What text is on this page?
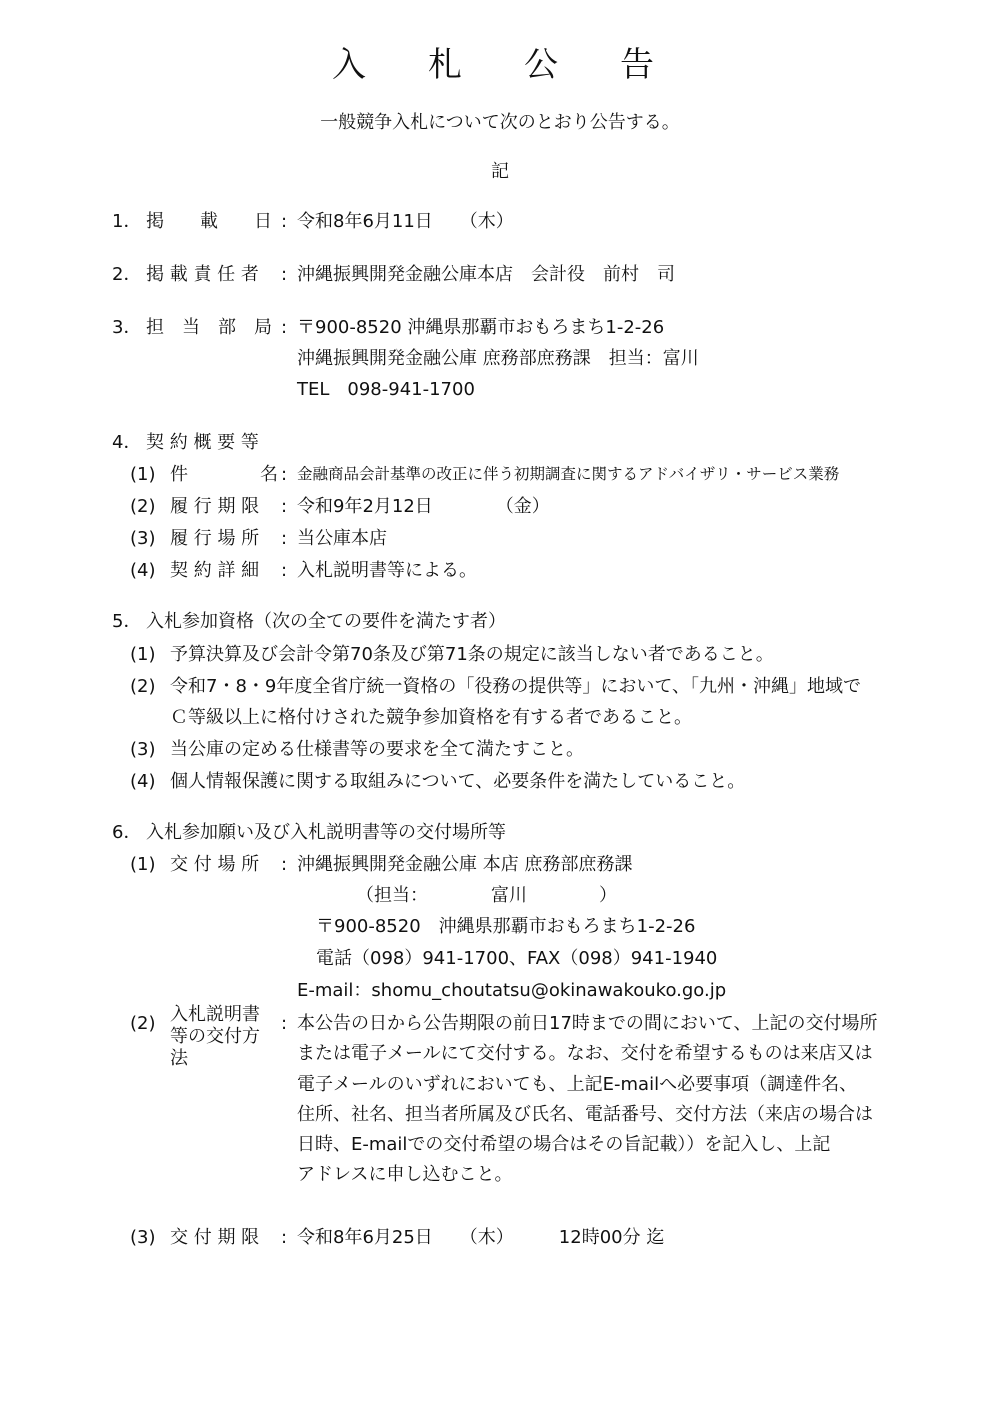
入　札　公　告
一般競争入札について次のとおり公告する。
記
1． 掲　　載　　日 : 令和8年6月11日　　（木）
2． 掲 載 責 任 者 : 沖縄振興開発金融公庫本店　会計役　前村　司
3． 担　当　部　局 : 〒900-8520 沖縄県那覇市おもろまち1-2-26
沖縄振興開発金融公庫 庶務部庶務課　担当：富川
TEL　098-941-1700
4． 契 約 概 要 等
(1) 件　　　　名 : 金融商品会計基準の改正に伴う初期調査に関するアドバイザリ・サービス業務
(2) 履 行 期 限 : 令和9年2月12日　　　　（金）
(3) 履 行 場 所 : 当公庫本店
(4) 契 約 詳 細 : 入札説明書等による。
5． 入札参加資格（次の全ての要件を満たす者）
(1) 予算決算及び会計令第70条及び第71条の規定に該当しない者であること。
(2) 令和7・8・9年度全省庁統一資格の「役務の提供等」において、「九州・沖縄」地域で
Ｃ等級以上に格付けされた競争参加資格を有する者であること。
(3) 当公庫の定める仕様書等の要求を全て満たすこと。
(4) 個人情報保護に関する取組みについて、必要条件を満たしていること。
6． 入札参加願い及び入札説明書等の交付場所等
(1) 交 付 場 所 : 沖縄振興開発金融公庫 本店 庶務部庶務課
（担当：　　　　富川　　　　）
〒900-8520　沖縄県那覇市おもろまち1-2-26
電話（098）941-1700、FAX（098）941-1940
E-mail：shomu_choutatsu@okinawakouko.go.jp
(2) 入札説明書
等の交付方
法
: 本公告の日から公告期限の前日17時までの間において、上記の交付場所
または電子メールにて交付する。なお、交付を希望するものは来店又は
電子メールのいずれにおいても、上記E-mailへ必要事項（調達件名、
住所、社名、担当者所属及び氏名、電話番号、交付方法（来店の場合は
日時、E-mailでの交付希望の場合はその旨記載））を記入し、上記
アドレスに申し込むこと。
(3) 交 付 期 限 : 令和8年6月25日　　（木）　　　12時00分 迄
